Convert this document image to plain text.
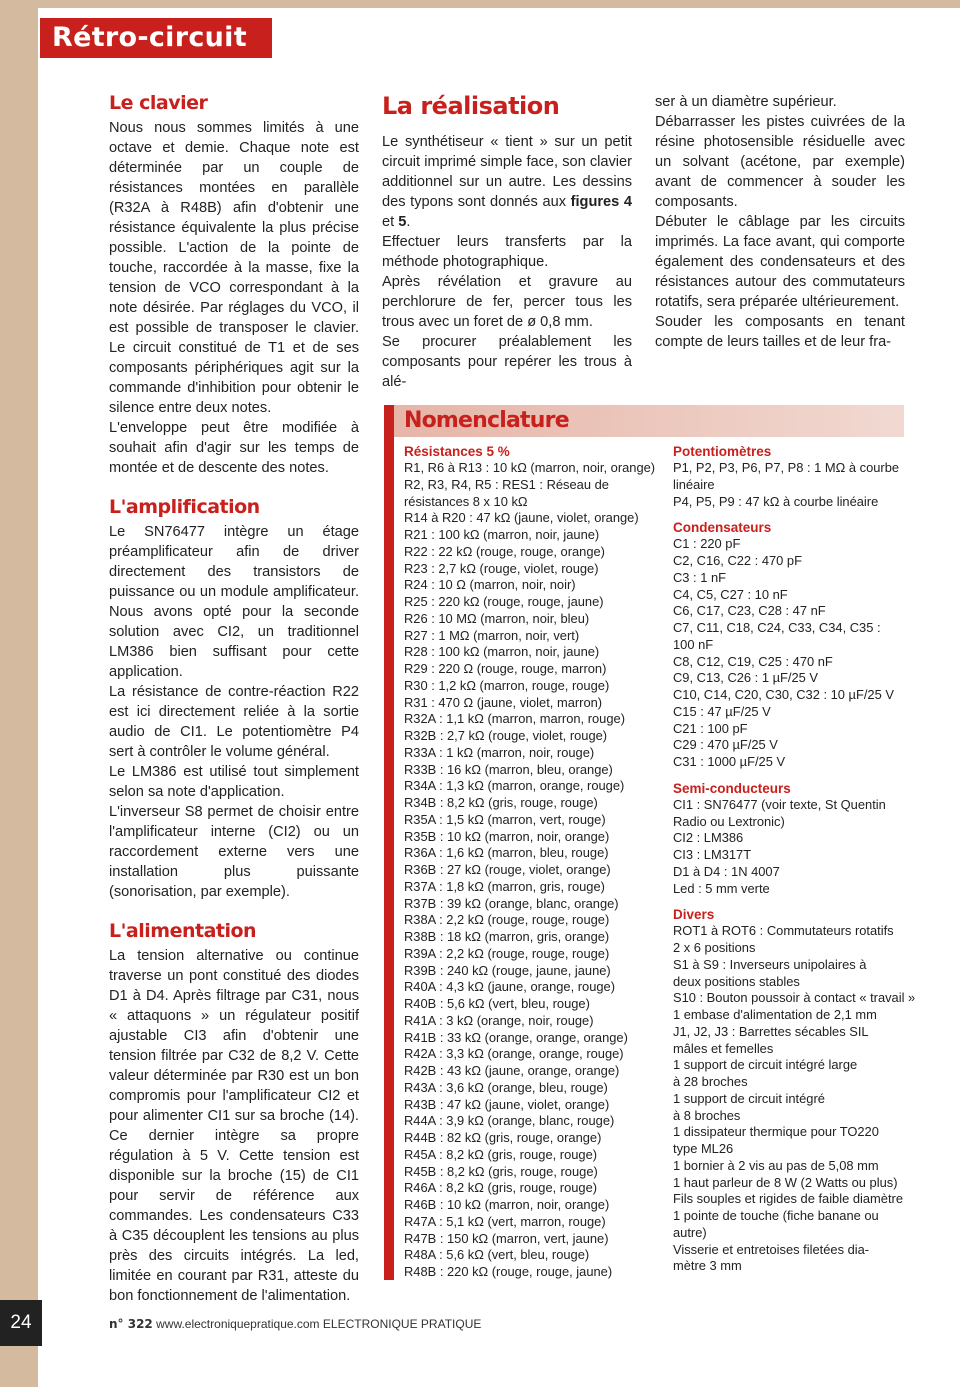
Rétro-circuit
Le clavier

Nous nous sommes limités à une octave et demie. Chaque note est déterminée par un couple de résistances montées en parallèle (R32A à R48B) afin d'obtenir une résistance équivalente la plus précise possible. L'action de la pointe de touche, raccordée à la masse, fixe la tension de VCO correspondant à la note désirée. Par réglages du VCO, il est possible de transposer le clavier. Le circuit constitué de T1 et de ses composants périphériques agit sur la commande d'inhibition pour obtenir le silence entre deux notes.

L'enveloppe peut être modifiée à souhait afin d'agir sur les temps de montée et de descente des notes.

L'amplification

Le SN76477 intègre un étage préamplificateur afin de driver directement des transistors de puissance ou un module amplificateur. Nous avons opté pour la seconde solution avec CI2, un traditionnel LM386 bien suffisant pour cette application.

La résistance de contre-réaction R22 est ici directement reliée à la sortie audio de CI1. Le potentiomètre P4 sert à contrôler le volume général.

Le LM386 est utilisé tout simplement selon sa note d'application.

L'inverseur S8 permet de choisir entre l'amplificateur interne (CI2) ou un raccordement externe vers une installation plus puissante (sonorisation, par exemple).

L'alimentation

La tension alternative ou continue traverse un pont constitué des diodes D1 à D4. Après filtrage par C31, nous « attaquons » un régulateur positif ajustable CI3 afin d'obtenir une tension filtrée par C32 de 8,2 V. Cette valeur déterminée par R30 est un bon compromis pour l'amplificateur CI2 et pour alimenter CI1 sur sa broche (14). Ce dernier intègre sa propre régulation à 5 V. Cette tension est disponible sur la broche (15) de CI1 pour servir de référence aux commandes. Les condensateurs C33 à C35 découplent les tensions au plus près des circuits intégrés. La led, limitée en courant par R31, atteste du bon fonctionnement de l'alimentation.

La réalisation

Le synthétiseur « tient » sur un petit circuit imprimé simple face, son clavier additionnel sur un autre. Les dessins des typons sont donnés aux figures 4 et 5.

Effectuer leurs transferts par la méthode photographique.

Après révélation et gravure au perchlorure de fer, percer tous les trous avec un foret de ø 0,8 mm.

Se procurer préalablement les composants pour repérer les trous à alé-

ser à un diamètre supérieur.

Débarrasser les pistes cuivrées de la résine photosensible résiduelle avec un solvant (acétone, par exemple) avant de commencer à souder les composants.

Débuter le câblage par les circuits imprimés. La face avant, qui comporte également des condensateurs et des résistances autour des commutateurs rotatifs, sera préparée ultérieurement.

Souder les composants en tenant compte de leurs tailles et de leur fra-

Nomenclature
Résistances 5 %
R1, R6 à R13 : 10 kΩ (marron, noir, orange)
R2, R3, R4, R5 : RES1 : Réseau de
résistances 8 x 10 kΩ
R14 à R20 : 47 kΩ (jaune, violet, orange)
R21 : 100 kΩ (marron, noir, jaune)
R22 : 22 kΩ (rouge, rouge, orange)
R23 : 2,7 kΩ (rouge, violet, rouge)
R24 : 10 Ω (marron, noir, noir)
R25 : 220 kΩ (rouge, rouge, jaune)
R26 : 10 MΩ (marron, noir, bleu)
R27 : 1 MΩ (marron, noir, vert)
R28 : 100 kΩ (marron, noir, jaune)
R29 : 220 Ω (rouge, rouge, marron)
R30 : 1,2 kΩ (marron, rouge, rouge)
R31 : 470 Ω (jaune, violet, marron)
R32A : 1,1 kΩ (marron, marron, rouge)
R32B : 2,7 kΩ (rouge, violet, rouge)
R33A : 1 kΩ (marron, noir, rouge)
R33B : 16 kΩ (marron, bleu, orange)
R34A : 1,3 kΩ (marron, orange, rouge)
R34B : 8,2 kΩ (gris, rouge, rouge)
R35A : 1,5 kΩ (marron, vert, rouge)
R35B : 10 kΩ (marron, noir, orange)
R36A : 1,6 kΩ (marron, bleu, rouge)
R36B : 27 kΩ (rouge, violet, orange)
R37A : 1,8 kΩ (marron, gris, rouge)
R37B : 39 kΩ (orange, blanc, orange)
R38A : 2,2 kΩ (rouge, rouge, rouge)
R38B : 18 kΩ (marron, gris, orange)
R39A : 2,2 kΩ (rouge, rouge, rouge)
R39B : 240 kΩ (rouge, jaune, jaune)
R40A : 4,3 kΩ (jaune, orange, rouge)
R40B : 5,6 kΩ (vert, bleu, rouge)
R41A : 3 kΩ (orange, noir, rouge)
R41B : 33 kΩ (orange, orange, orange)
R42A : 3,3 kΩ (orange, orange, rouge)
R42B : 43 kΩ (jaune, orange, orange)
R43A : 3,6 kΩ (orange, bleu, rouge)
R43B : 47 kΩ (jaune, violet, orange)
R44A : 3,9 kΩ (orange, blanc, rouge)
R44B : 82 kΩ (gris, rouge, orange)
R45A : 8,2 kΩ (gris, rouge, rouge)
R45B : 8,2 kΩ (gris, rouge, rouge)
R46A : 8,2 kΩ (gris, rouge, rouge)
R46B : 10 kΩ (marron, noir, orange)
R47A : 5,1 kΩ (vert, marron, rouge)
R47B : 150 kΩ (marron, vert, jaune)
R48A : 5,6 kΩ (vert, bleu, rouge)
R48B : 220 kΩ (rouge, rouge, jaune)
Potentiomètres
P1, P2, P3, P6, P7, P8 : 1 MΩ à courbe
linéaire
P4, P5, P9 : 47 kΩ à courbe linéaire
Condensateurs
C1 : 220 pF
C2, C16, C22 : 470 pF
C3 : 1 nF
C4, C5, C27 : 10 nF
C6, C17, C23, C28 : 47 nF
C7, C11, C18, C24, C33, C34, C35 :
100 nF
C8, C12, C19, C25 : 470 nF
C9, C13, C26 : 1 µF/25 V
C10, C14, C20, C30, C32 : 10 µF/25 V
C15 : 47 µF/25 V
C21 : 100 pF
C29 : 470 µF/25 V
C31 : 1000 µF/25 V
Semi-conducteurs
CI1 : SN76477 (voir texte, St Quentin
Radio ou Lextronic)
CI2 : LM386
CI3 : LM317T
D1 à D4 : 1N 4007
Led : 5 mm verte
Divers
ROT1 à ROT6 : Commutateurs rotatifs
2 x 6 positions
S1 à S9 : Inverseurs unipolaires à
deux positions stables
S10 : Bouton poussoir à contact « travail »
1 embase d'alimentation de 2,1 mm
J1, J2, J3 : Barrettes sécables SIL
mâles et femelles
1 support de circuit intégré large
à 28 broches
1 support de circuit intégré
à 8 broches
1 dissipateur thermique pour TO220
type ML26
1 bornier à 2 vis au pas de 5,08 mm
1 haut parleur de 8 W (2 Watts ou plus)
Fils souples et rigides de faible diamètre
1 pointe de touche (fiche banane ou
autre)
Visserie et entretoises filetées dia-
mètre 3 mm
24	n° 322 www.electroniquepratique.com ELECTRONIQUE PRATIQUE
